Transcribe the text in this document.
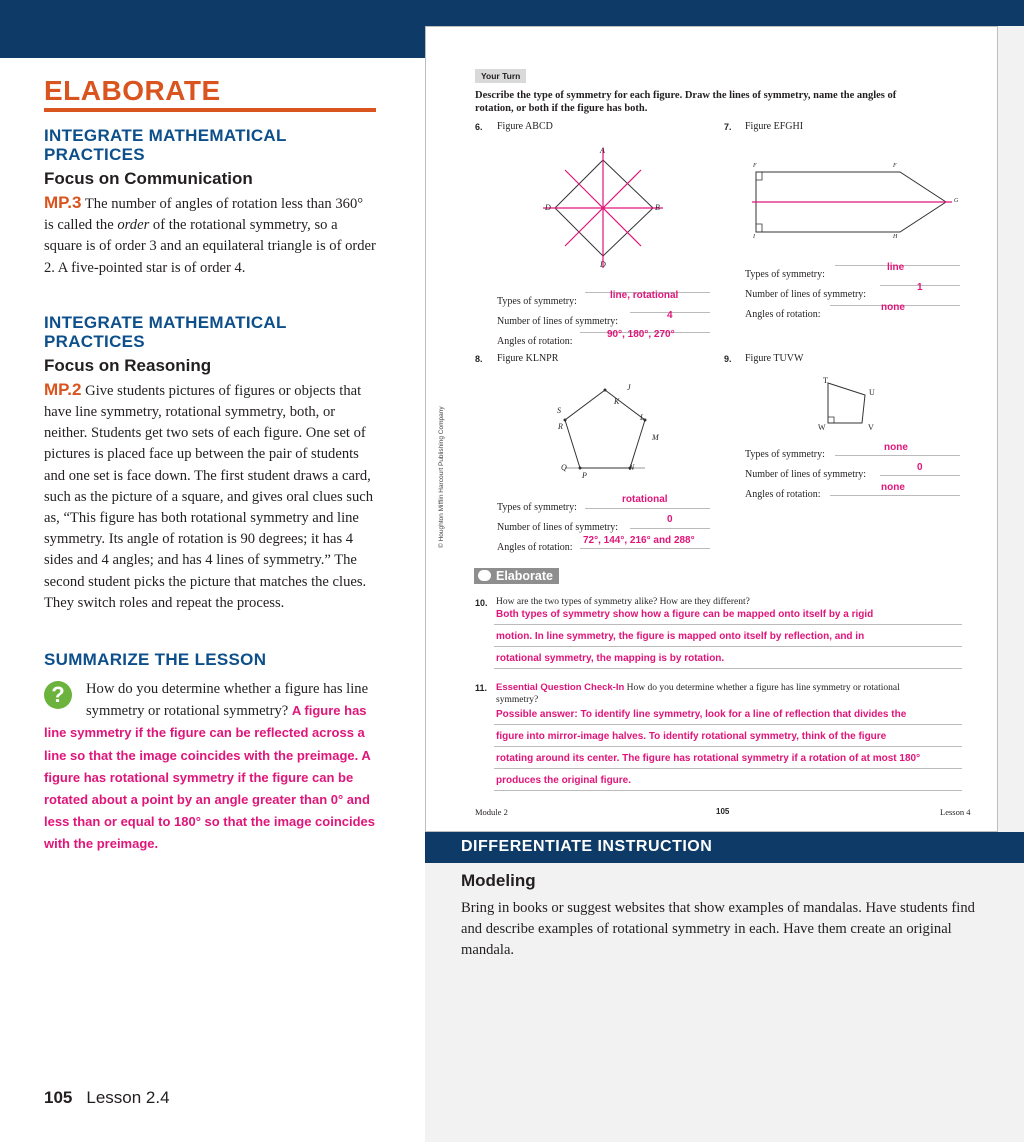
ELABORATE
INTEGRATE MATHEMATICAL PRACTICES
Focus on Communication
MP.3 The number of angles of rotation less than 360° is called the order of the rotational symmetry, so a square is of order 3 and an equilateral triangle is of order 2. A five-pointed star is of order 4.
INTEGRATE MATHEMATICAL PRACTICES
Focus on Reasoning
MP.2 Give students pictures of figures or objects that have line symmetry, rotational symmetry, both, or neither. Students get two sets of each figure. One set of pictures is placed face up between the pair of students and one set is face down. The first student draws a card, such as the picture of a square, and gives oral clues such as, “This figure has both rotational symmetry and line symmetry. Its angle of rotation is 90 degrees; it has 4 sides and 4 angles; and has 4 lines of symmetry.” The second student picks the picture that matches the clues. They switch roles and repeat the process.
SUMMARIZE THE LESSON
?	How do you determine whether a figure has line symmetry or rotational symmetry? A figure has line symmetry if the figure can be reflected across a line so that the image coincides with the preimage. A figure has rotational symmetry if the figure can be rotated about a point by an angle greater than 0° and less than or equal to 180° so that the image coincides with the preimage.
105 Lesson 2.4
Your Turn
Describe the type of symmetry for each figure. Draw the lines of symmetry, name the angles of rotation, or both if the figure has both.
6. Figure ABCD
A
B
D
D
Types of symmetry:
line, rotational
Number of lines of symmetry:
4
Angles of rotation:
90°, 180°, 270°
7. Figure EFGHI
F	F
G
H
I
Types of symmetry:
line
Number of lines of symmetry:
1
Angles of rotation:
none
8. Figure KLNPR
J
K
L
M
N
P
Q
R
S
Types of symmetry:
rotational
Number of lines of symmetry:
0
Angles of rotation:
72°, 144°, 216° and 288°
9. Figure TUVW
T
U
V
W
Types of symmetry:
none
Number of lines of symmetry:
0
Angles of rotation:
none
© Houghton Mifflin Harcourt Publishing Company
Elaborate
10. How are the two types of symmetry alike? How are they different?
Both types of symmetry show how a figure can be mapped onto itself by a rigid
motion. In line symmetry, the figure is mapped onto itself by reflection, and in
rotational symmetry, the mapping is by rotation.
11. Essential Question Check-In How do you determine whether a figure has line symmetry or rotational
symmetry?
Possible answer: To identify line symmetry, look for a line of reflection that divides the
figure into mirror-image halves. To identify rotational symmetry, think of the figure
rotating around its center. The figure has rotational symmetry if a rotation of at most 180°
produces the original figure.
Module 2	105	Lesson 4
DIFFERENTIATE INSTRUCTION
Modeling
Bring in books or suggest websites that show examples of mandalas. Have students find and describe examples of rotational symmetry in each. Have them create an original mandala.
